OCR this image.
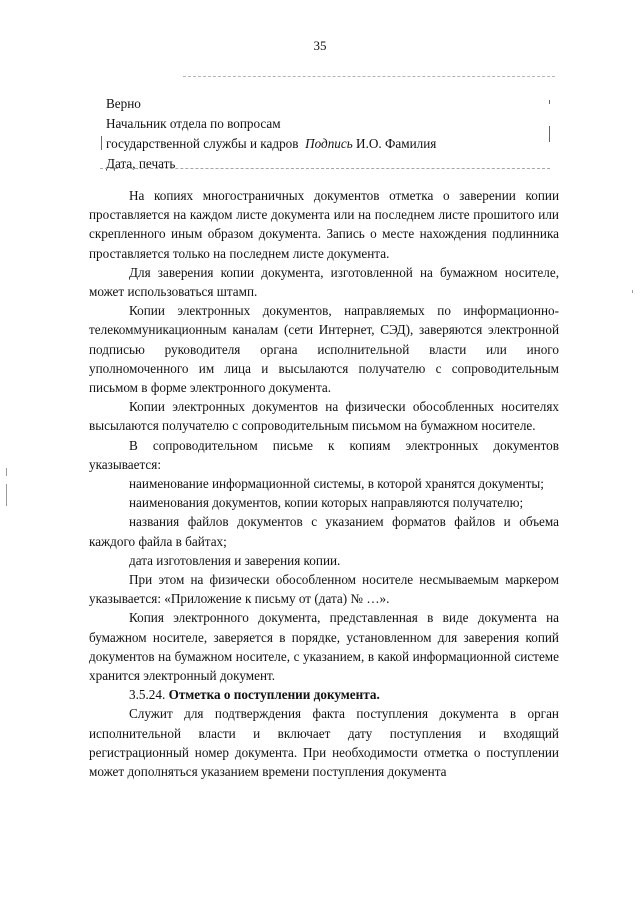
35
Верно
Начальник отдела по вопросам
государственной службы и кадров Подпись И.О. Фамилия
Дата, печать

На копиях многостраничных документов отметка о заверении копии проставляется на каждом листе документа или на последнем листе прошитого или скрепленного иным образом документа. Запись о месте нахождения подлинника проставляется только на последнем листе документа.

Для заверения копии документа, изготовленной на бумажном носителе, может использоваться штамп.

Копии электронных документов, направляемых по информационно-телекоммуникационным каналам (сети Интернет, СЭД), заверяются электронной подписью руководителя органа исполнительной власти или иного уполномоченного им лица и высылаются получателю с сопроводительным письмом в форме электронного документа.

Копии электронных документов на физически обособленных носителях высылаются получателю с сопроводительным письмом на бумажном носителе.

В сопроводительном письме к копиям электронных документов указывается:

наименование информационной системы, в которой хранятся документы;

наименования документов, копии которых направляются получателю;

названия файлов документов с указанием форматов файлов и объема каждого файла в байтах;

дата изготовления и заверения копии.

При этом на физически обособленном носителе несмываемым маркером указывается: «Приложение к письму от (дата) № …».

Копия электронного документа, представленная в виде документа на бумажном носителе, заверяется в порядке, установленном для заверения копий документов на бумажном носителе, с указанием, в какой информационной системе хранится электронный документ.

3.5.24. Отметка о поступлении документа.

Служит для подтверждения факта поступления документа в орган исполнительной власти и включает дату поступления и входящий регистрационный номер документа. При необходимости отметка о поступлении может дополняться указанием времени поступления документа
